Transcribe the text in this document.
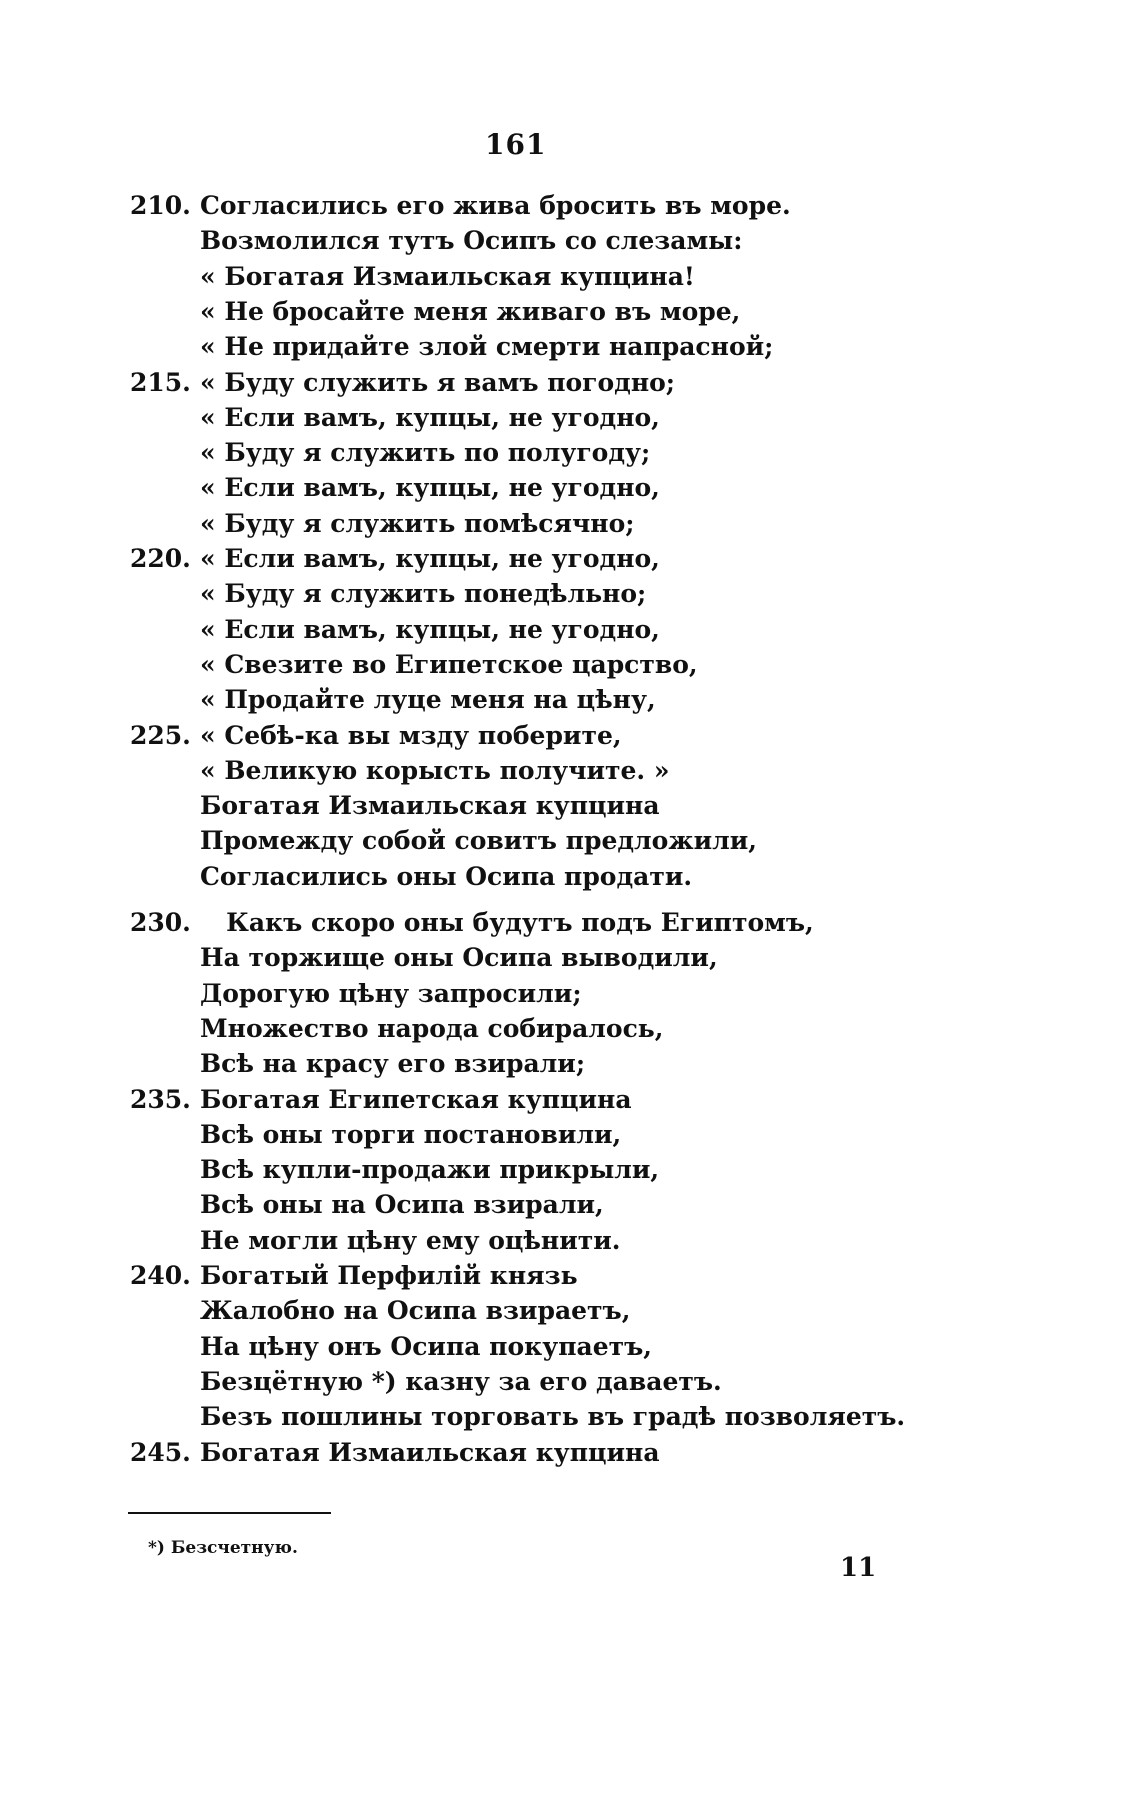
161
210. Согласились его жива бросить въ море.
Возмолился тутъ Осипъ со слезамы:
« Богатая Измаильская купцина!
« Не бросайте меня живаго въ море,
« Не придайте злой смерти напрасной;
215. « Буду служить я вамъ погодно;
« Если вамъ, купцы, не угодно,
« Буду я служить по полугоду;
« Если вамъ, купцы, не угодно,
« Буду я служить помѣсячно;
220. « Если вамъ, купцы, не угодно,
« Буду я служить понедѣльно;
« Если вамъ, купцы, не угодно,
« Свезите во Египетское царство,
« Продайте луце меня на цѣну,
225. « Себѣ-ка вы мзду поберите,
« Великую корысть получите. »
Богатая Измаильская купцина
Промежду собой совитъ предложили,
Согласились оны Осипа продати.
230. Какъ скоро оны будутъ подъ Египтомъ,
На торжище оны Осипа выводили,
Дорогую цѣну запросили;
Множество народа собиралось,
Всѣ на красу его взирали;
235. Богатая Египетская купцина
Всѣ оны торги постановили,
Всѣ купли-продажи прикрыли,
Всѣ оны на Осипа взирали,
Не могли цѣну ему оцѣнити.
240. Богатый Перфилій князь
Жалобно на Осипа взираетъ,
На цѣну онъ Осипа покупаетъ,
Безцётную *) казну за его даваетъ.
Безъ пошлины торговать въ градѣ позволяетъ.
245. Богатая Измаильская купцина
*) Безсчетную.
11
